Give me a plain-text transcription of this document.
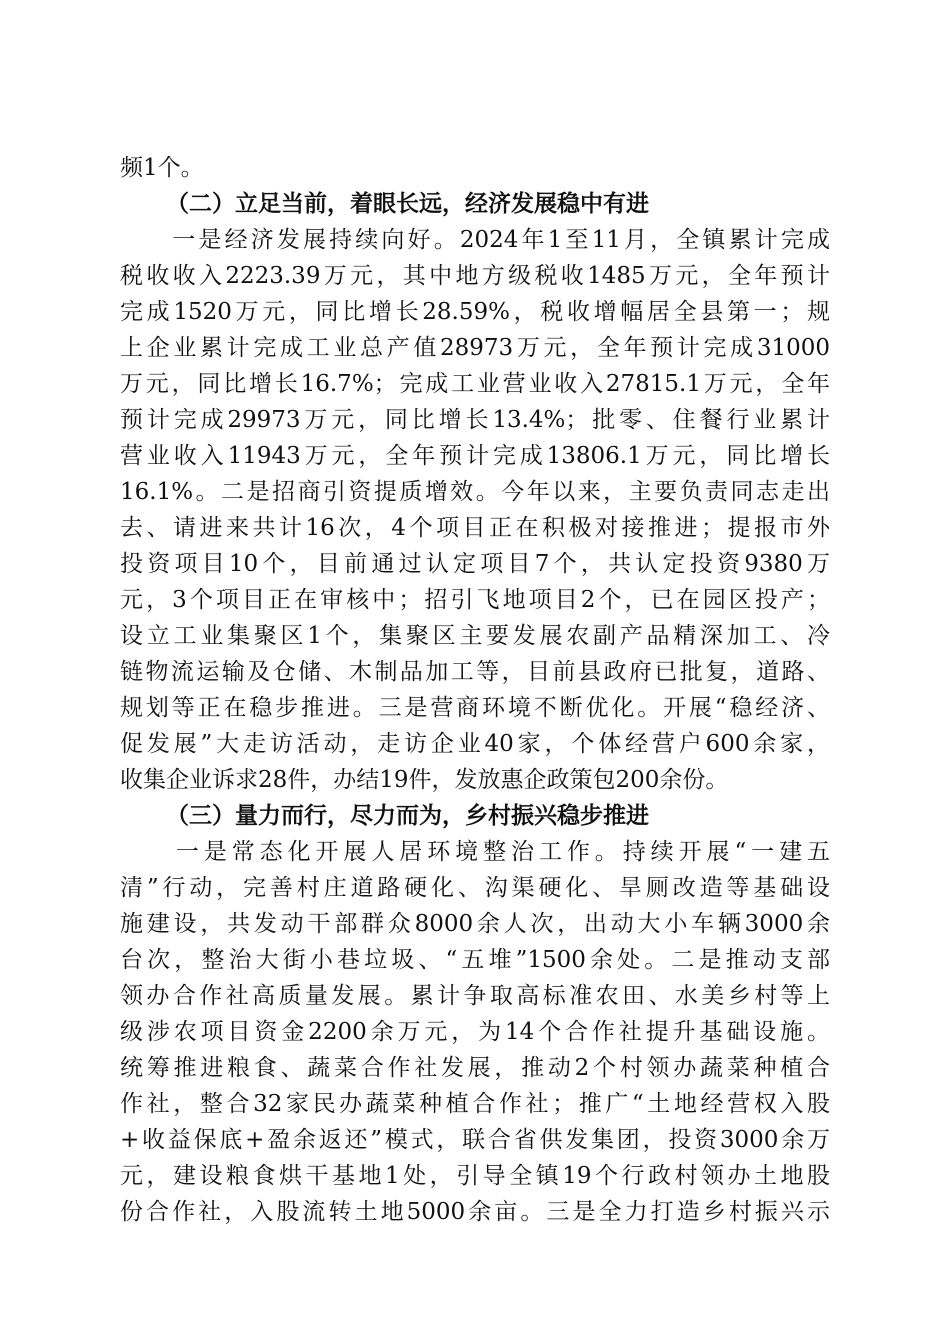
频1个。
（二）立足当前，着眼长远，经济发展稳中有进
　　一是经济发展持续向好。2024年1至11月，全镇累计完成
税收收入2223.39万元，其中地方级税收1485万元，全年预计
完成1520万元，同比增长28.59%，税收增幅居全县第一；规
上企业累计完成工业总产值28973万元，全年预计完成31000
万元，同比增长16.7%；完成工业营业收入27815.1万元，全年
预计完成29973万元，同比增长13.4%；批零、住餐行业累计
营业收入11943万元，全年预计完成13806.1万元，同比增长
16.1%。二是招商引资提质增效。今年以来，主要负责同志走出
去、请进来共计16次，4个项目正在积极对接推进；提报市外
投资项目10个，目前通过认定项目7个，共认定投资9380万
元，3个项目正在审核中；招引飞地项目2个，已在园区投产；
设立工业集聚区1个，集聚区主要发展农副产品精深加工、冷
链物流运输及仓储、木制品加工等，目前县政府已批复，道路、
规划等正在稳步推进。三是营商环境不断优化。开展“稳经济、
促发展”大走访活动，走访企业40家，个体经营户600余家，
收集企业诉求28件，办结19件，发放惠企政策包200余份。
（三）量力而行，尽力而为，乡村振兴稳步推进
　　一是常态化开展人居环境整治工作。持续开展“一建五
清”行动，完善村庄道路硬化、沟渠硬化、旱厕改造等基础设
施建设，共发动干部群众8000余人次，出动大小车辆3000余
台次，整治大街小巷垃圾、“五堆”1500余处。二是推动支部
领办合作社高质量发展。累计争取高标准农田、水美乡村等上
级涉农项目资金2200余万元，为14个合作社提升基础设施。
统筹推进粮食、蔬菜合作社发展，推动2个村领办蔬菜种植合
作社，整合32家民办蔬菜种植合作社；推广“土地经营权入股
+收益保底+盈余返还”模式，联合省供发集团，投资3000余万
元，建设粮食烘干基地1处，引导全镇19个行政村领办土地股
份合作社，入股流转土地5000余亩。三是全力打造乡村振兴示
